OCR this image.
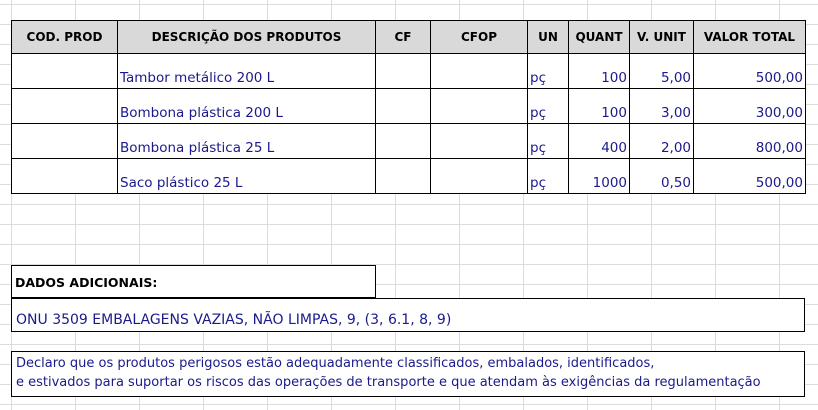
COD. PROD	DESCRIÇÃO DOS PRODUTOS	CF	CFOP	UN	QUANT	V. UNIT	VALOR TOTAL
	Tambor metálico 200 L			pç	100	5,00	500,00
	Bombona plástica 200 L			pç	100	3,00	300,00
	Bombona plástica 25 L			pç	400	2,00	800,00
	Saco plástico 25 L			pç	1000	0,50	500,00
DADOS ADICIONAIS:
ONU 3509 EMBALAGENS VAZIAS, NÃO LIMPAS, 9, (3, 6.1, 8, 9)
Declaro que os produtos perigosos estão adequadamente classificados, embalados, identificados,
e estivados para suportar os riscos das operações de transporte e que atendam às exigências da regulamentação
